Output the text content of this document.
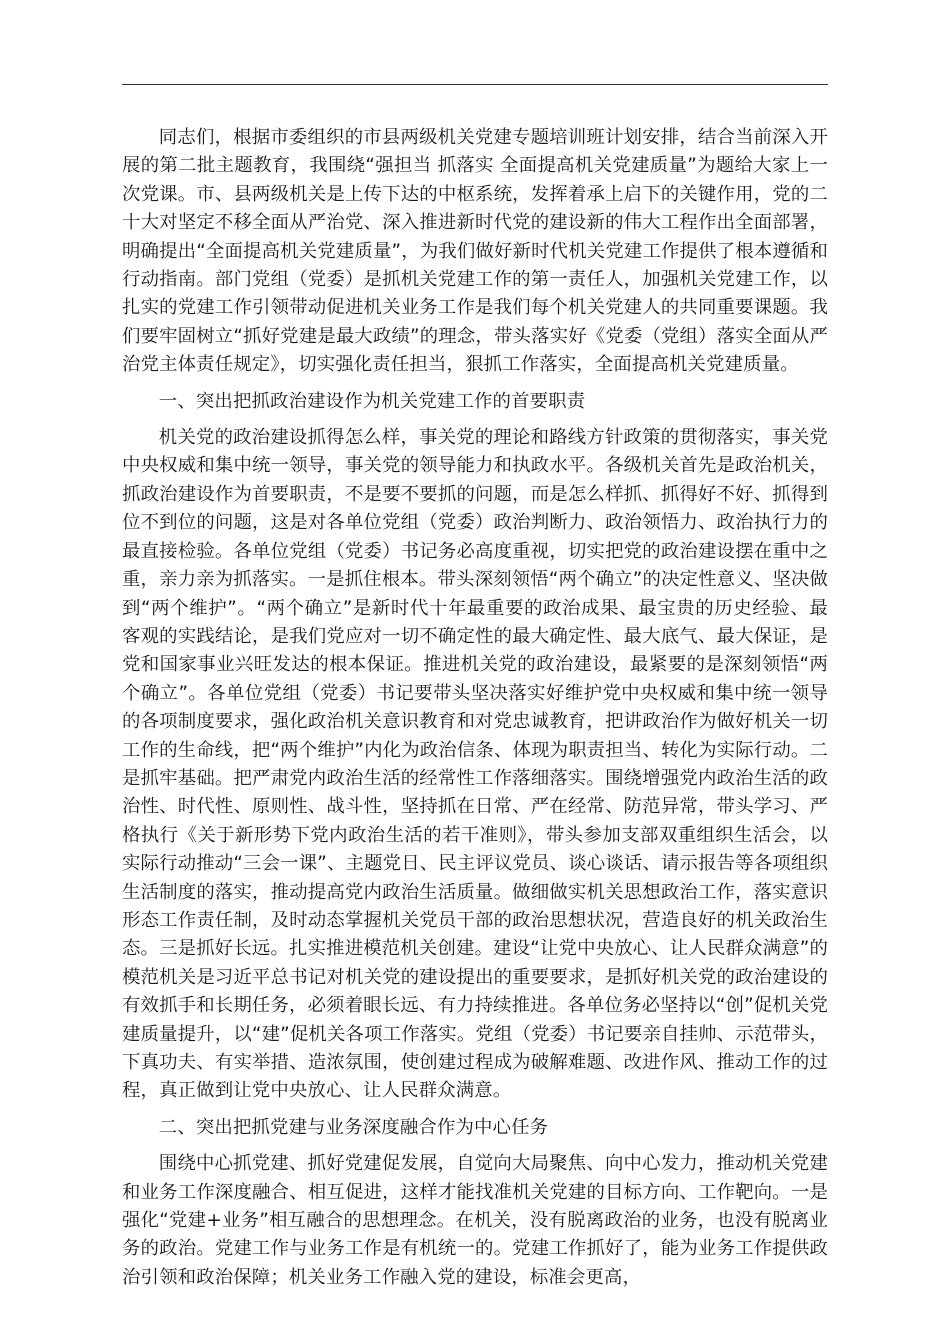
同志们，根据市委组织的市县两级机关党建专题培训班计划安排，结合当前深入开展的第二批主题教育，我围绕“强担当 抓落实 全面提高机关党建质量”为题给大家上一次党课。市、县两级机关是上传下达的中枢系统，发挥着承上启下的关键作用，党的二十大对坚定不移全面从严治党、深入推进新时代党的建设新的伟大工程作出全面部署，明确提出“全面提高机关党建质量”，为我们做好新时代机关党建工作提供了根本遵循和行动指南。部门党组（党委）是抓机关党建工作的第一责任人，加强机关党建工作，以扎实的党建工作引领带动促进机关业务工作是我们每个机关党建人的共同重要课题。我们要牢固树立“抓好党建是最大政绩”的理念，带头落实好《党委（党组）落实全面从严治党主体责任规定》，切实强化责任担当，狠抓工作落实，全面提高机关党建质量。

一、突出把抓政治建设作为机关党建工作的首要职责

机关党的政治建设抓得怎么样，事关党的理论和路线方针政策的贯彻落实，事关党中央权威和集中统一领导，事关党的领导能力和执政水平。各级机关首先是政治机关，抓政治建设作为首要职责，不是要不要抓的问题，而是怎么样抓、抓得好不好、抓得到位不到位的问题，这是对各单位党组（党委）政治判断力、政治领悟力、政治执行力的最直接检验。各单位党组（党委）书记务必高度重视，切实把党的政治建设摆在重中之重，亲力亲为抓落实。一是抓住根本。带头深刻领悟“两个确立”的决定性意义、坚决做到“两个维护”。“两个确立”是新时代十年最重要的政治成果、最宝贵的历史经验、最客观的实践结论，是我们党应对一切不确定性的最大确定性、最大底气、最大保证，是党和国家事业兴旺发达的根本保证。推进机关党的政治建设，最紧要的是深刻领悟“两个确立”。各单位党组（党委）书记要带头坚决落实好维护党中央权威和集中统一领导的各项制度要求，强化政治机关意识教育和对党忠诚教育，把讲政治作为做好机关一切工作的生命线，把“两个维护”内化为政治信条、体现为职责担当、转化为实际行动。二是抓牢基础。把严肃党内政治生活的经常性工作落细落实。围绕增强党内政治生活的政治性、时代性、原则性、战斗性，坚持抓在日常、严在经常、防范异常，带头学习、严格执行《关于新形势下党内政治生活的若干准则》，带头参加支部双重组织生活会，以实际行动推动“三会一课”、主题党日、民主评议党员、谈心谈话、请示报告等各项组织生活制度的落实，推动提高党内政治生活质量。做细做实机关思想政治工作，落实意识形态工作责任制，及时动态掌握机关党员干部的政治思想状况，营造良好的机关政治生态。三是抓好长远。扎实推进模范机关创建。建设“让党中央放心、让人民群众满意”的模范机关是习近平总书记对机关党的建设提出的重要要求，是抓好机关党的政治建设的有效抓手和长期任务，必须着眼长远、有力持续推进。各单位务必坚持以“创”促机关党建质量提升，以“建”促机关各项工作落实。党组（党委）书记要亲自挂帅、示范带头，下真功夫、有实举措、造浓氛围，使创建过程成为破解难题、改进作风、推动工作的过程，真正做到让党中央放心、让人民群众满意。

二、突出把抓党建与业务深度融合作为中心任务

围绕中心抓党建、抓好党建促发展，自觉向大局聚焦、向中心发力，推动机关党建和业务工作深度融合、相互促进，这样才能找准机关党建的目标方向、工作靶向。一是强化“党建+业务”相互融合的思想理念。在机关，没有脱离政治的业务，也没有脱离业务的政治。党建工作与业务工作是有机统一的。党建工作抓好了，能为业务工作提供政治引领和政治保障；机关业务工作融入党的建设，标准会更高，
